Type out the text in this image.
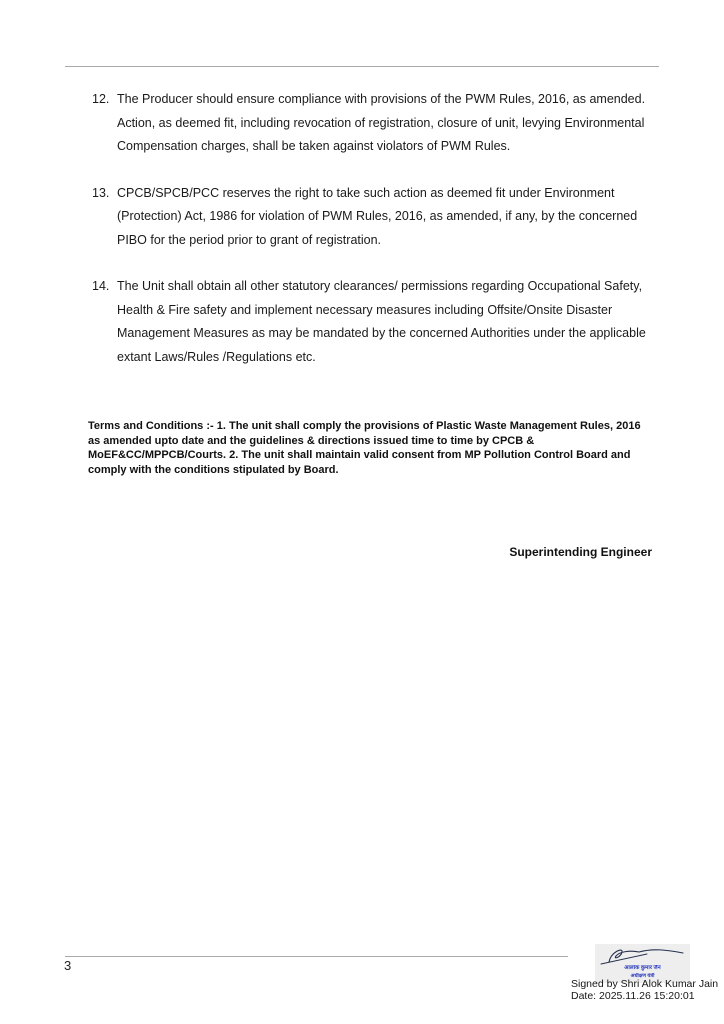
12. The Producer should ensure compliance with provisions of the PWM Rules, 2016, as amended. Action, as deemed fit, including revocation of registration, closure of unit, levying Environmental Compensation charges, shall be taken against violators of PWM Rules.
13. CPCB/SPCB/PCC reserves the right to take such action as deemed fit under Environment (Protection) Act, 1986 for violation of PWM Rules, 2016, as amended, if any, by the concerned PIBO for the period prior to grant of registration.
14. The Unit shall obtain all other statutory clearances/ permissions regarding Occupational Safety, Health & Fire safety and implement necessary measures including Offsite/Onsite Disaster Management Measures as may be mandated by the concerned Authorities under the applicable extant Laws/Rules /Regulations etc.
Terms and Conditions :- 1. The unit shall comply the provisions of Plastic Waste Management Rules, 2016 as amended upto date and the guidelines & directions issued time to time by CPCB & MoEF&CC/MPPCB/Courts. 2. The unit shall maintain valid consent from MP Pollution Control Board and comply with the conditions stipulated by Board.
Superintending Engineer
3	आलोक कुमार जैन
अधीक्षण यंत्री
Signed by Shri Alok Kumar Jain
Date: 2025.11.26 15:20:01
